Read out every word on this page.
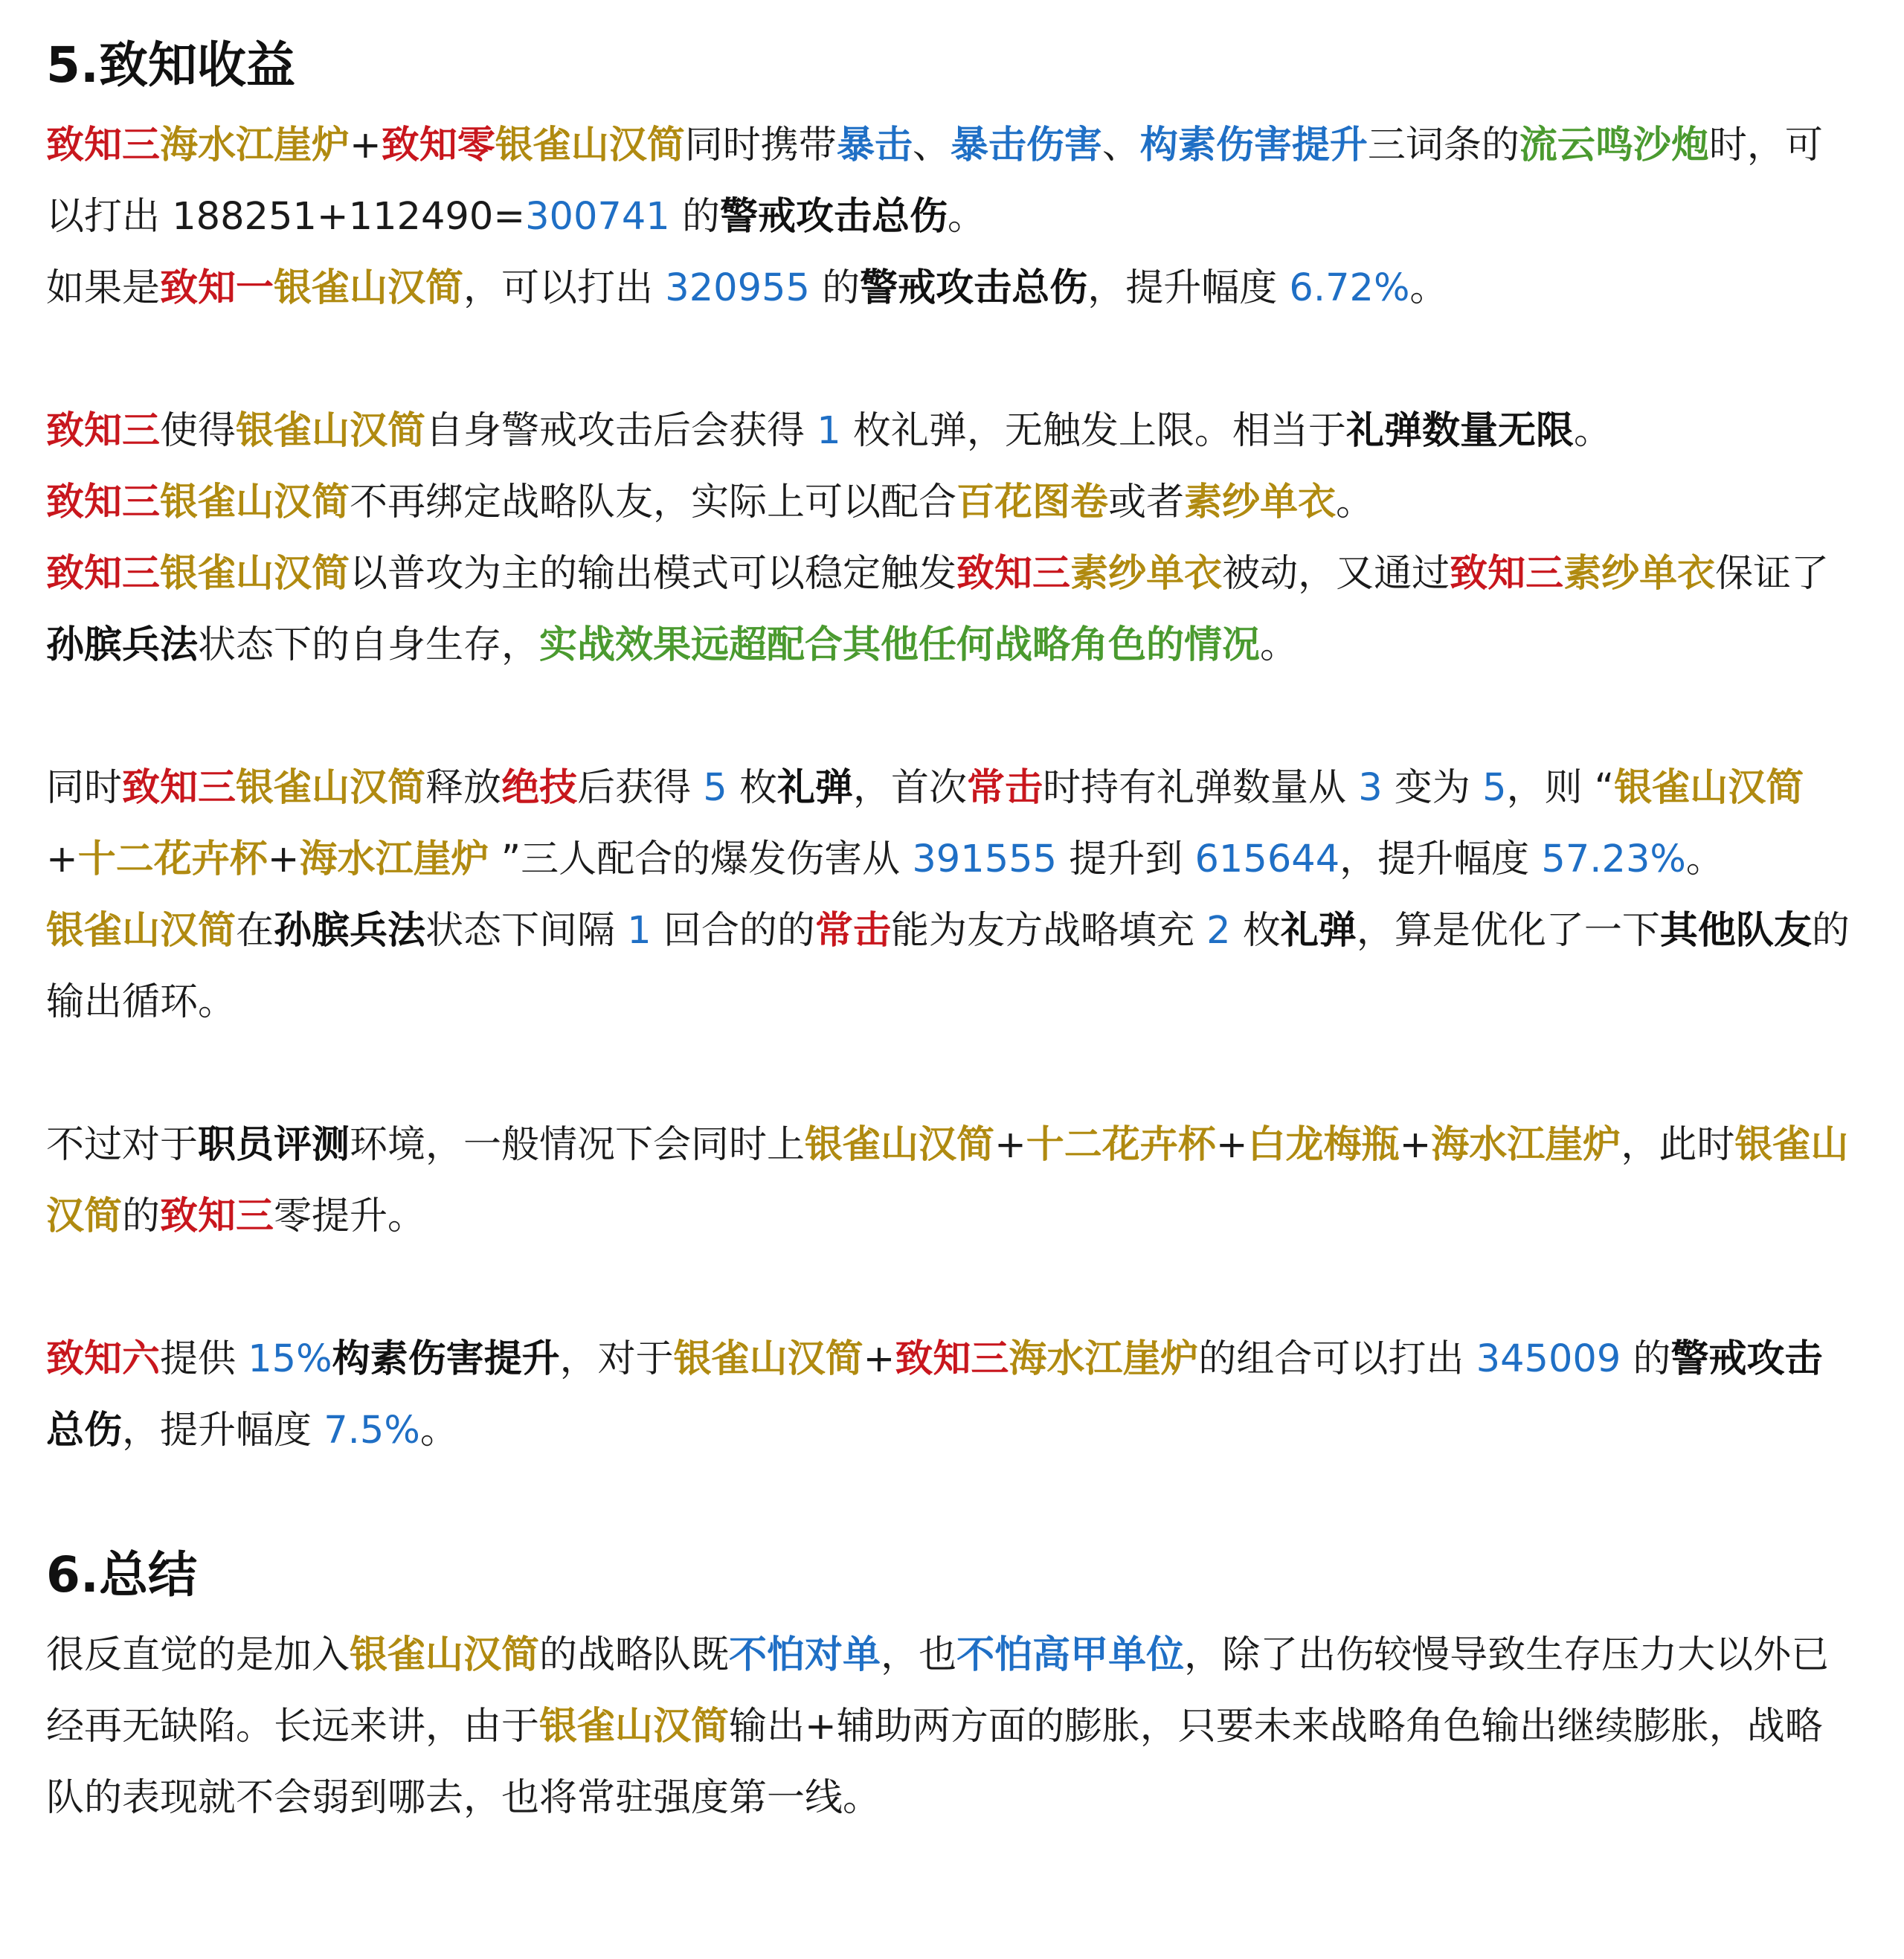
5.致知收益

致知三海水江崖炉+致知零银雀山汉简同时携带暴击、暴击伤害、构素伤害提升三词条的流云鸣沙炮时，可以打出 188251+112490=300741 的警戒攻击总伤。

如果是致知一银雀山汉简，可以打出 320955 的警戒攻击总伤，提升幅度 6.72%。

致知三使得银雀山汉简自身警戒攻击后会获得 1 枚礼弹，无触发上限。相当于礼弹数量无限。

致知三银雀山汉简不再绑定战略队友，实际上可以配合百花图卷或者素纱单衣。

致知三银雀山汉简以普攻为主的输出模式可以稳定触发致知三素纱单衣被动，又通过致知三素纱单衣保证了孙膑兵法状态下的自身生存，实战效果远超配合其他任何战略角色的情况。

同时致知三银雀山汉简释放绝技后获得 5 枚礼弹，首次常击时持有礼弹数量从 3 变为 5，则 “银雀山汉简+十二花卉杯+海水江崖炉 ”三人配合的爆发伤害从 391555 提升到 615644，提升幅度 57.23%。

银雀山汉简在孙膑兵法状态下间隔 1 回合的的常击能为友方战略填充 2 枚礼弹，算是优化了一下其他队友的输出循环。

不过对于职员评测环境，一般情况下会同时上银雀山汉简+十二花卉杯+白龙梅瓶+海水江崖炉，此时银雀山汉简的致知三零提升。

致知六提供 15%构素伤害提升，对于银雀山汉简+致知三海水江崖炉的组合可以打出 345009 的警戒攻击总伤，提升幅度 7.5%。

6.总结

很反直觉的是加入银雀山汉简的战略队既不怕对单，也不怕高甲单位，除了出伤较慢导致生存压力大以外已经再无缺陷。长远来讲，由于银雀山汉简输出+辅助两方面的膨胀，只要未来战略角色输出继续膨胀，战略队的表现就不会弱到哪去，也将常驻强度第一线。
